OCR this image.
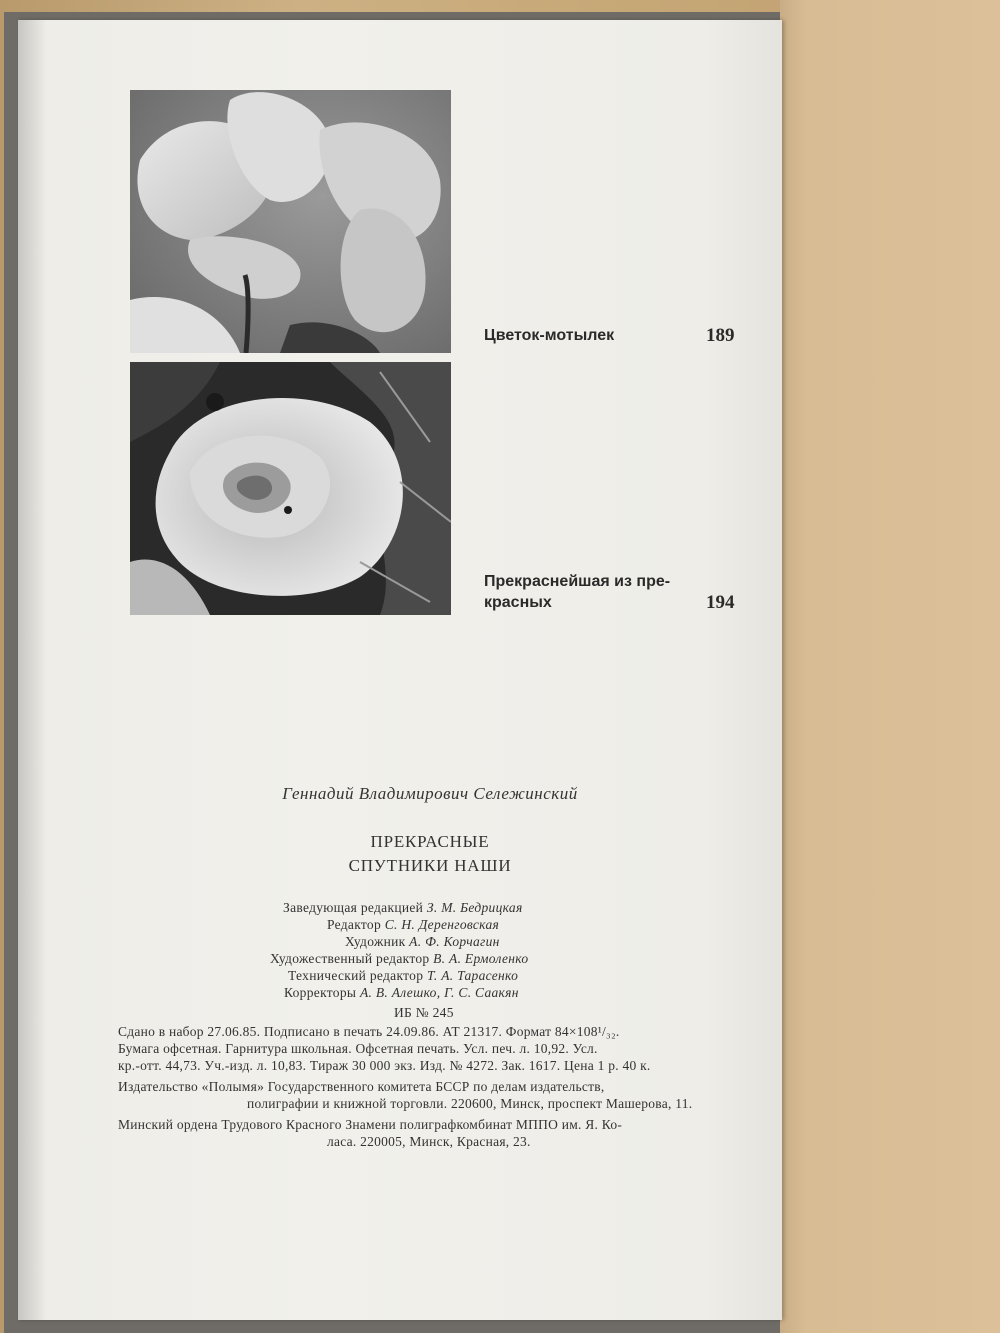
Цветок-мотылек	189
Прекраснейшая из пре-
красных	194
Геннадий Владимирович Сележинский
ПРЕКРАСНЫЕ
СПУТНИКИ НАШИ
Заведующая редакцией З. М. Бедрицкая
Редактор С. Н. Деренговская
Художник А. Ф. Корчагин
Художественный редактор В. А. Ермоленко
Технический редактор Т. А. Тарасенко
Корректоры А. В. Алешко, Г. С. Саакян
ИБ № 245
Сдано в набор 27.06.85. Подписано в печать 24.09.86. АТ 21317. Формат 84×108¹/₃₂.
Бумага офсетная. Гарнитура школьная. Офсетная печать. Усл. печ. л. 10,92. Усл.
кр.-отт. 44,73. Уч.-изд. л. 10,83. Тираж 30 000 экз. Изд. № 4272. Зак. 1617. Цена 1 р. 40 к.
Издательство «Полымя» Государственного комитета БССР по делам издательств,
полиграфии и книжной торговли. 220600, Минск, проспект Машерова, 11.
Минский ордена Трудового Красного Знамени полиграфкомбинат МППО им. Я. Ко-
ласа. 220005, Минск, Красная, 23.
